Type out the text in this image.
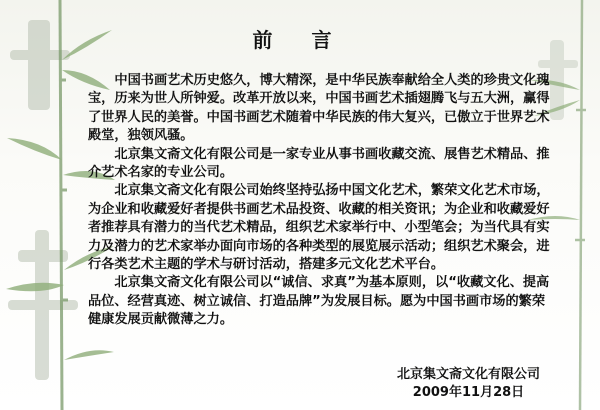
前 言

中国书画艺术历史悠久，博大精深，是中华民族奉献给全人类的珍贵文化瑰宝，历来为世人所钟爱。改革开放以来，中国书画艺术插翅腾飞与五大洲，赢得了世界人民的美誉。中国书画艺术随着中华民族的伟大复兴，已傲立于世界艺术殿堂，独领风骚。

北京集文斋文化有限公司是一家专业从事书画收藏交流、展售艺术精品、推介艺术名家的专业公司。

北京集文斋文化有限公司始终坚持弘扬中国文化艺术，繁荣文化艺术市场，为企业和收藏爱好者提供书画艺术品投资、收藏的相关资讯；为企业和收藏爱好者推荐具有潜力的当代艺术精品，组织艺术家举行中、小型笔会；为当代具有实力及潜力的艺术家举办面向市场的各种类型的展览展示活动；组织艺术聚会，进行各类艺术主题的学术与研讨活动，搭建多元文化艺术平台。

北京集文斋文化有限公司以“诚信、求真”为基本原则，以“收藏文化、提高品位、经营真迹、树立诚信、打造品牌”为发展目标。愿为中国书画市场的繁荣健康发展贡献微薄之力。

北京集文斋文化有限公司
2009年11月28日
